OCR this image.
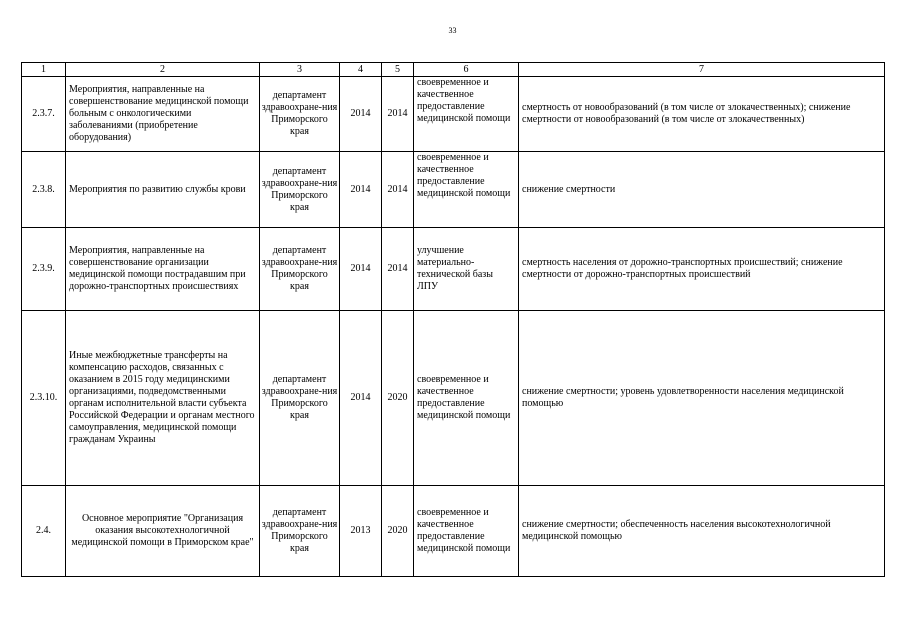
33
1	2	3	4	5	6	7
2.3.7.	Мероприятия, направленные на совершенствование медицинской помощи больным с онкологическими заболеваниями (приобретение оборудования)	департамент здравоохране-ния Приморского края	2014	2014	своевременное и качественное предоставление медицинской помощи	смертность от новообразований (в том числе от злокачественных); снижение смертности от новообразований (в том числе от злокачественных)
2.3.8.	Мероприятия по развитию службы крови	департамент здравоохране-ния Приморского края	2014	2014	своевременное и качественное предоставление медицинской помощи	снижение смертности
2.3.9.	Мероприятия, направленные на совершенствование организации медицинской помощи пострадавшим при дорожно-транспортных происшествиях	департамент здравоохране-ния Приморского края	2014	2014	улучшение материально-технической базы ЛПУ	смертность населения от дорожно-транспортных происшествий; снижение смертности от дорожно-транспортных происшествий
2.3.10.	Иные межбюджетные трансферты на компенсацию расходов, связанных с оказанием в 2015 году медицинскими организациями, подведомственными органам исполнительной власти субъекта Российской Федерации и органам местного самоуправления, медицинской помощи гражданам Украины	департамент здравоохране-ния Приморского края	2014	2020	своевременное и качественное предоставление медицинской помощи	снижение смертности; уровень удовлетворенности населения медицинской помощью
2.4.	Основное мероприятие "Организация оказания высокотехнологичной медицинской помощи в Приморском крае"	департамент здравоохране-ния Приморского края	2013	2020	своевременное и качественное предоставление медицинской помощи	снижение смертности; обеспеченность населения высокотехнологичной медицинской помощью
